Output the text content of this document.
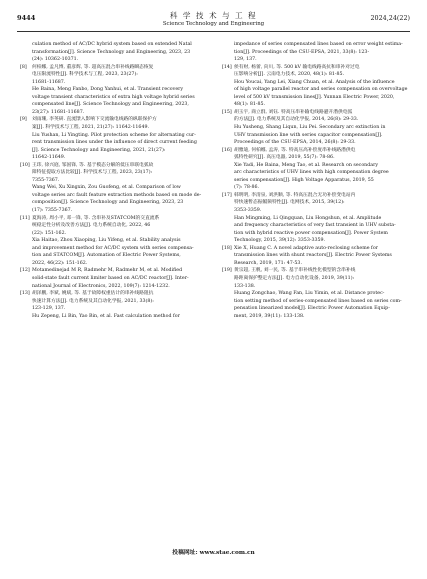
9444	科 学 技 术 与 工 程
Science Technology and Engineering
2024,24(22)
culation method of AC/DC hybrid system based on extended Natal
transformation[J]. Science Technology and Engineering, 2023, 23
(24): 10362-10371.
[8] 何柏娜, 孟凡博, 董彦辉, 等. 超高压混合串补线路瞬态恢复
电压限流特性[J]. 科学技术与工程, 2023, 23(27):
11681-11687.
He Baina, Meng Fanbo, Dong Yanhui, et al. Transient recovery
voltage transient characteristics of extra high voltage hybrid series
compensated line[J]. Science Technology and Engineering, 2023,
23(27): 11681-11687.
[9] 刘雨珊, 李英研. 直流馈入影响下交流输电线路的纵联保护方
案[J]. 科学技术与工程, 2021, 21(27): 11642-11649.
Liu Yushan, Li Yingting. Pilot protection scheme for alternating cur-
rent transmission lines under the influence of direct current feeding
[J]. Science Technology and Engineering, 2021, 21(27):
11642-11649.
[10] 王玮, 徐兴庭, 邹国锋, 等. 基于模态分解的低压串联电弧故
障特征提取方法比较[J]. 科学技术与工程, 2023, 23(17):
7355-7367.
Wang Wei, Xu Xingxin, Zou Guofeng, et al. Comparison of low
voltage series arc fault feature extraction methods based on mode de-
composition[J]. Science Technology and Engineering, 2023, 23
(17): 7355-7367.
[11] 夏海涛, 周小平, 邓一锋, 等. 含串补及STATCOM的交直流系
统稳定性分析及改善方法[J]. 电力系统自动化, 2022, 46
(22): 151-162.
Xia Haitao, Zhou Xiaoping, Liu Yifeng, et al. Stability analysis
and improvement method for AC/DC system with series compensa-
tion and STATCOM[J]. Automation of Electric Power Systems,
2022, 46(22): 151-162.
[12] Motamedinejad M R, Radmehr M, Radmehr M, et al. Modified
solid-state fault current limiter based on AC/DC reactor[J]. Inter-
national Journal of Electronics, 2022, 109(7): 1214-1232.
[13] 胡泽鹏, 李斌, 姚斌, 等. 基于故障权重估计的串补线路阻抗
快速计算方法[J]. 电力系统及其自动化学报, 2021, 33(8):
123-129, 137.
Hu Zepeng, Li Bin, Yao Bin, et al. Fast calculation method for
impedance of series compensated lines based on error weight estima-
tion[J]. Proceedings of the CSU-EPSA, 2021, 33(8): 123-
129, 137.
[14] 侯有财, 杨蕾, 向川, 等. 500 kV 输电线路高抗和串补对过电
压影响分析[J]. 云南电力技术, 2020, 48(1): 81-85.
Hou Youcai, Yang Lei, Xiang Chuan, et al. Analysis of the influence
of high voltage parallel reactor and series compensation on overvoltage
level of 500 kV transmission lines[J]. Yunnan Electric Power, 2020,
48(1): 81-85.
[15] 胡玉宇, 商立群, 刘钰. 特高压串补输电线路避开潜供电弧
的方法[J]. 电力系统及其自动化学报, 2014, 26(8): 29-33.
Hu Yusheng, Shang Liqun, Liu Pei. Secondary arc extinction in
UHV transmission line with series capacitor compensation[J].
Proceedings of the CSU-EPSA, 2014, 26(8): 29-33.
[16] 胡雅迪, 何柏娜, 孟涛, 等. 特高压高补偿度串补线路潜供电
弧特性研究[J]. 高压电器, 2019, 55(7): 78-86.
Xie Yadi, He Baina, Meng Tao, et al. Research on secondary
arc characteristics of UHV lines with high compensation degree
series compensation[J]. High Voltage Apparatus, 2019, 55
(7): 78-86.
[17] 韩明明, 李清泉, 刘洪顺, 等. 特高压混合无功补偿变电站内
特快速暂态振幅频特性[J]. 电网技术, 2015, 39(12):
3353-3359.
Han Mingming, Li Qingquan, Liu Hongshun, et al. Amplitude
and frequency characteristics of very fast transient in UHV substa-
tion with hybrid reactive power compensation[J]. Power System
Technology, 2015, 39(12): 3353-3359.
[18] Xie X, Huang C. A novel adaptive auto-reclosing scheme for
transmission lines with shunt reactors[J]. Electric Power Systems
Research, 2019, 171: 47-53.
[19] 黄宗超, 王帆, 刘一民, 等. 基于串补线性化模型的含串补线
路距离保护整定方法[J]. 电力自动化设备, 2019, 39(11):
133-138.
Huang Zongchao, Wang Fan, Liu Yimin, et al. Distance protec-
tion setting method of series-compensated lines based on series com-
pensation linearized model[J]. Electric Power Automation Equip-
ment, 2019, 39(11): 133-138.
投稿网址: www.stae.com.cn
